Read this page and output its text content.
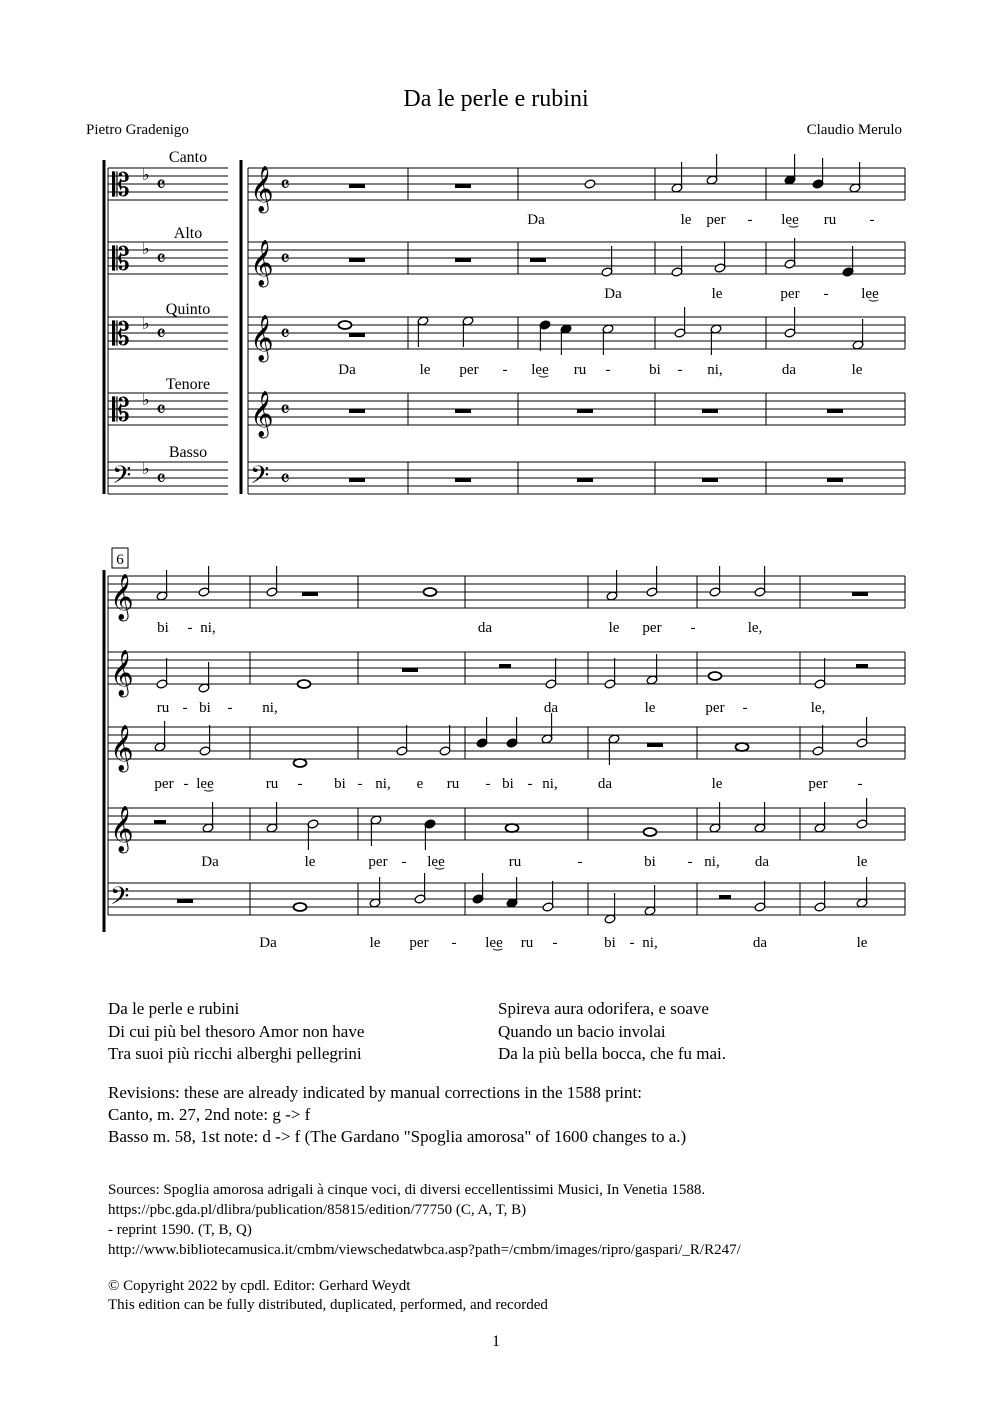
Da le perle e rubini
Pietro Gradenigo	Claudio Merulo
𝄡 ♭ 𝄴 𝄞 𝄴
𝄡 ♭ 𝄴 𝄞 𝄴
𝄡 ♭ 𝄴 𝄞 𝄴
𝄡 ♭ 𝄴 𝄞 𝄴
𝄢 ♭ 𝄴	𝄢 𝄴
Canto
Alto
Quinto
Tenore
Basso
𝄞
𝄞
𝄞
𝄞
𝄢
6
Da	le per - le͜e ru -
Da	le	per - le͜e
Da	le per - le͜e ru -	bi - ni,	da	le
bi - ni,	da	le per -	le,
ru - bi - ni,	da	le	per -	le,
per - le͜e	ru - bi - ni, e ru - bi - ni,	da	le	per -
Da	le	per - le͜e	ru	-	bi - ni, da	le
Da	le per - le͜e ru -	bi - ni,	da	le
Da le perle e rubini
Di cui più bel thesoro Amor non have
Tra suoi più ricchi alberghi pellegrini
Spireva aura odorifera, e soave
Quando un bacio involai
Da la più bella bocca, che fu mai.
Revisions: these are already indicated by manual corrections in the 1588 print:
Canto, m. 27, 2nd note: g -> f
Basso m. 58, 1st note: d -> f (The Gardano "Spoglia amorosa" of 1600 changes to a.)
Sources: Spoglia amorosa adrigali à cinque voci, di diversi eccellentissimi Musici, In Venetia 1588.
https://pbc.gda.pl/dlibra/publication/85815/edition/77750 (C, A, T, B)
- reprint 1590. (T, B, Q)
http://www.bibliotecamusica.it/cmbm/viewschedatwbca.asp?path=/cmbm/images/ripro/gaspari/_R/R247/
© Copyright 2022 by cpdl. Editor: Gerhard Weydt
This edition can be fully distributed, duplicated, performed, and recorded
1
